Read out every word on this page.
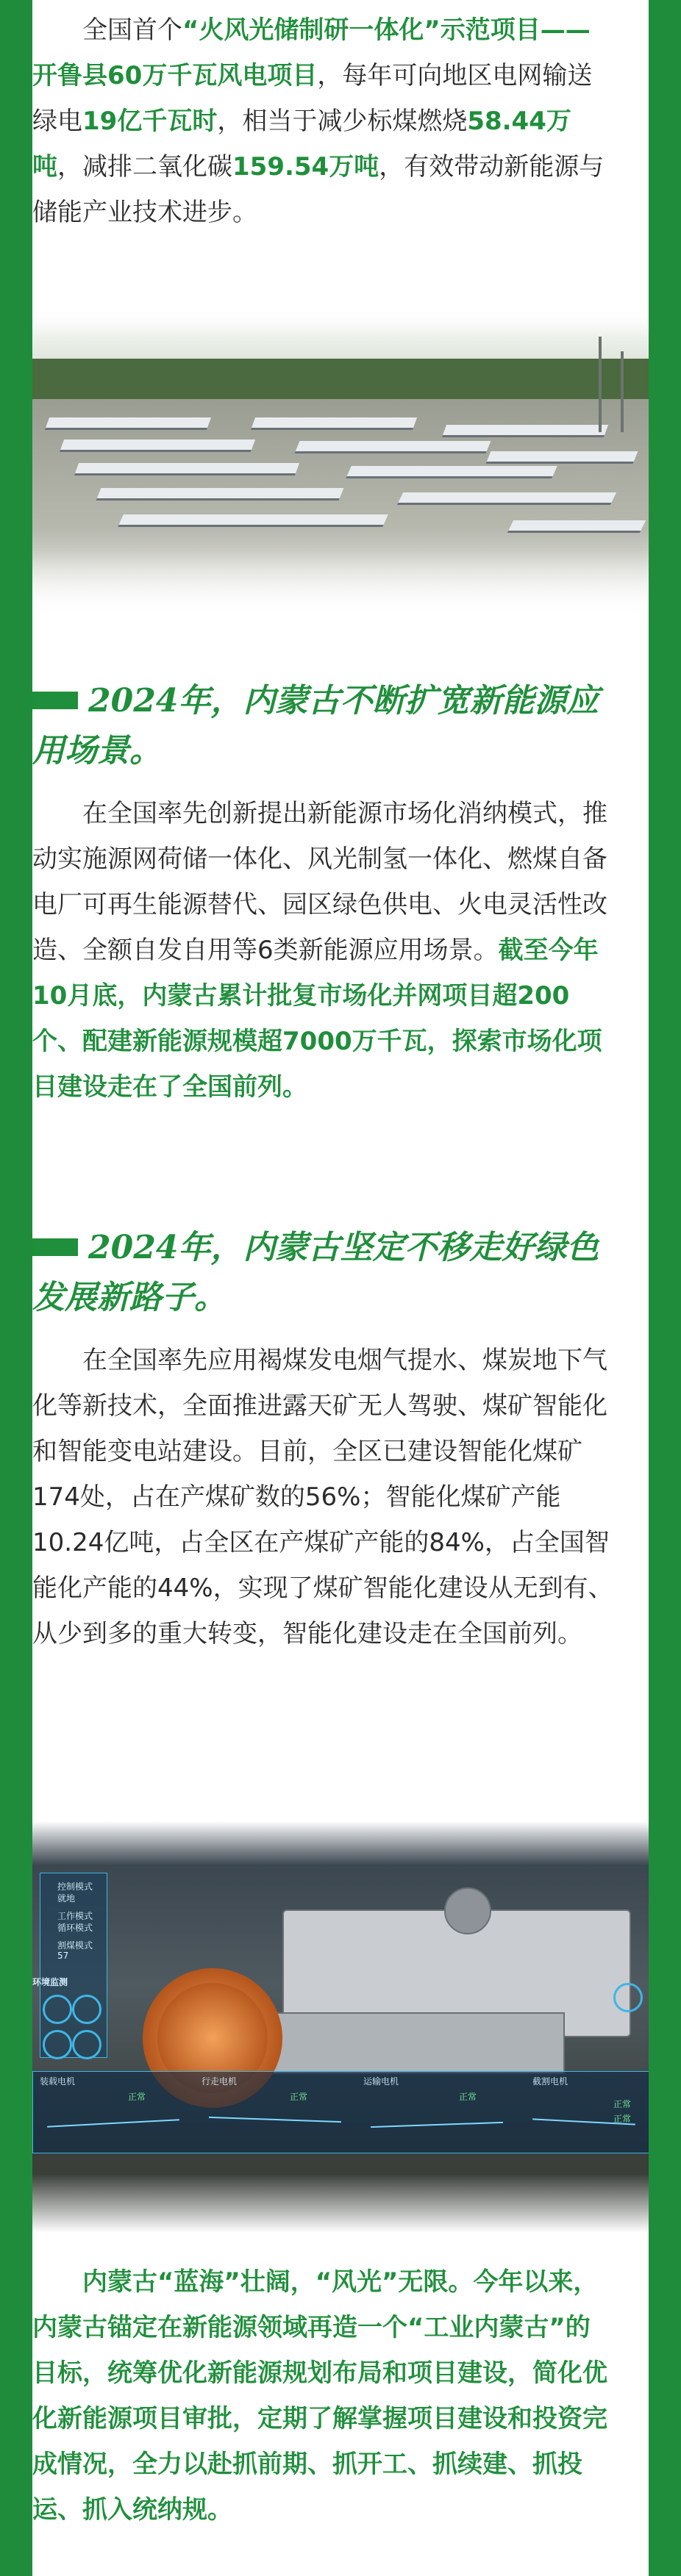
全国首个“火风光储制研一体化”示范项目——开鲁县60万千瓦风电项目，每年可向地区电网输送绿电19亿千瓦时，相当于减少标煤燃烧58.44万吨，减排二氧化碳159.54万吨，有效带动新能源与储能产业技术进步。

2024年，内蒙古不断扩宽新能源应用场景。

在全国率先创新提出新能源市场化消纳模式，推动实施源网荷储一体化、风光制氢一体化、燃煤自备电厂可再生能源替代、园区绿色供电、火电灵活性改造、全额自发自用等6类新能源应用场景。截至今年10月底，内蒙古累计批复市场化并网项目超200个、配建新能源规模超7000万千瓦，探索市场化项目建设走在了全国前列。

2024年，内蒙古坚定不移走好绿色发展新路子。

在全国率先应用褐煤发电烟气提水、煤炭地下气化等新技术，全面推进露天矿无人驾驶、煤矿智能化和智能变电站建设。目前，全区已建设智能化煤矿174处，占在产煤矿数的56%；智能化煤矿产能10.24亿吨，占全区在产煤矿产能的84%，占全国智能化产能的44%，实现了煤矿智能化建设从无到有、从少到多的重大转变，智能化建设走在全国前列。

控制模式
就地
工作模式
循环模式
割煤模式
57
环境监测
装载电机	行走电机	运输电机	截割电机
正常	正常	正常
正常
正常

内蒙古“蓝海”壮阔，“风光”无限。今年以来，内蒙古锚定在新能源领域再造一个“工业内蒙古”的目标，统筹优化新能源规划布局和项目建设，简化优化新能源项目审批，定期了解掌握项目建设和投资完成情况，全力以赴抓前期、抓开工、抓续建、抓投运、抓入统纳规。
